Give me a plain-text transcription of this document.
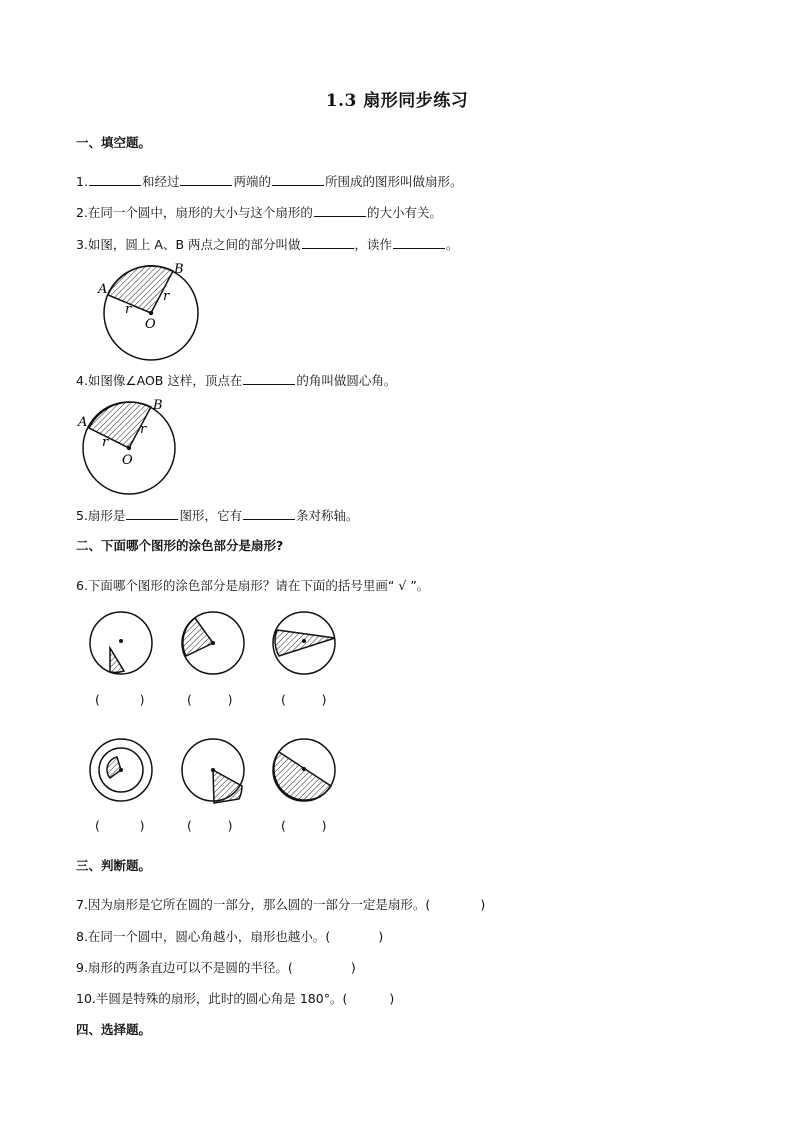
1.3 扇形同步练习
一、填空题。
1.	和经过	两端的	所围成的图形叫做扇形。
2.在同一个圆中，扇形的大小与这个扇形的	的大小有关。
3.如图，圆上 A、B 两点之间的部分叫做	，读作	。
A
B
O
r
r
4.如图像∠AOB 这样，顶点在	的角叫做圆心角。
A
B
O
r
r
5.扇形是	图形，它有	条对称轴。
二、下面哪个图形的涂色部分是扇形?
6.下面哪个图形的涂色部分是扇形？请在下面的括号里画“ √ ”。
(	)	(	)	(	)
(	)	(	)	(	)
三、判断题。
7.因为扇形是它所在圆的一部分，那么圆的一部分一定是扇形。(	)
8.在同一个圆中，圆心角越小，扇形也越小。(	)
9.扇形的两条直边可以不是圆的半径。(	)
10.半圆是特殊的扇形，此时的圆心角是 180°。(	)
四、选择题。
